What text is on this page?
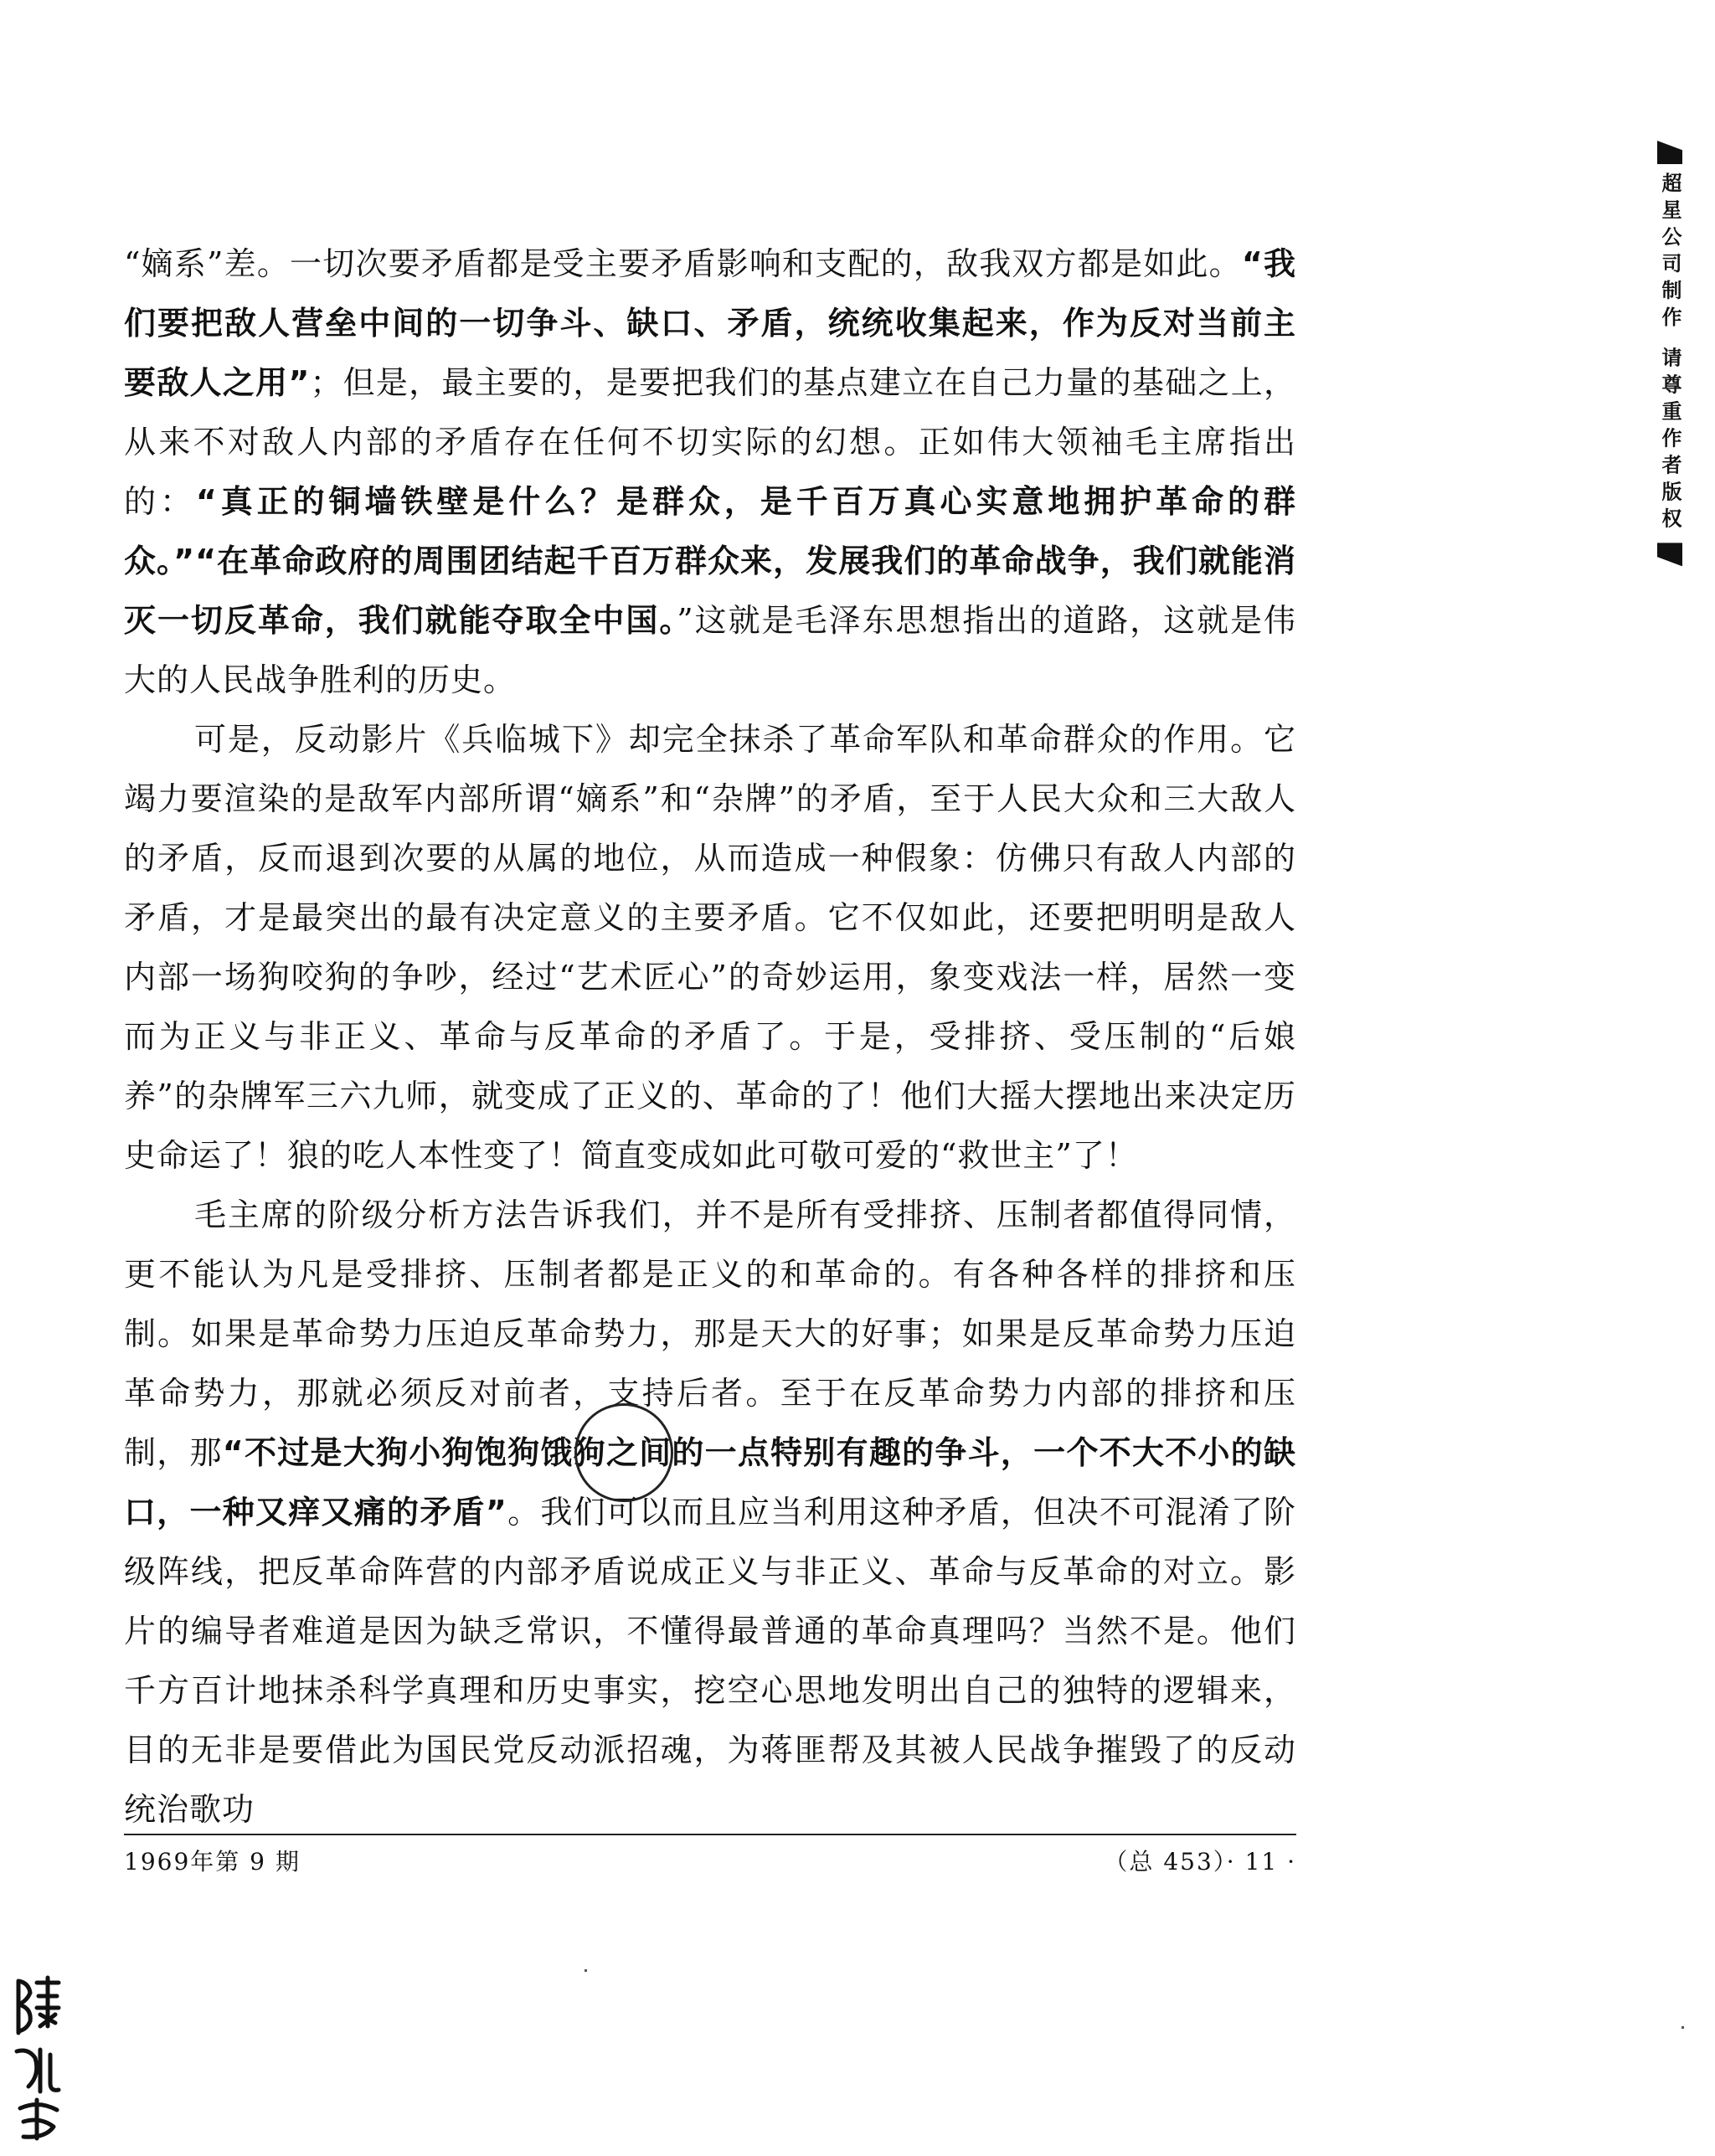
“嫡系”差。一切次要矛盾都是受主要矛盾影响和支配的，敌我双方都是如此。“我们要把敌人营垒中间的一切争斗、缺口、矛盾，统统收集起来，作为反对当前主要敌人之用”；但是，最主要的，是要把我们的基点建立在自己力量的基础之上，从来不对敌人内部的矛盾存在任何不切实际的幻想。正如伟大领袖毛主席指出的：“真正的铜墙铁壁是什么？是群众，是千百万真心实意地拥护革命的群众。”“在革命政府的周围团结起千百万群众来，发展我们的革命战争，我们就能消灭一切反革命，我们就能夺取全中国。”这就是毛泽东思想指出的道路，这就是伟大的人民战争胜利的历史。

可是，反动影片《兵临城下》却完全抹杀了革命军队和革命群众的作用。它竭力要渲染的是敌军内部所谓“嫡系”和“杂牌”的矛盾，至于人民大众和三大敌人的矛盾，反而退到次要的从属的地位，从而造成一种假象：仿佛只有敌人内部的矛盾，才是最突出的最有决定意义的主要矛盾。它不仅如此，还要把明明是敌人内部一场狗咬狗的争吵，经过“艺术匠心”的奇妙运用，象变戏法一样，居然一变而为正义与非正义、革命与反革命的矛盾了。于是，受排挤、受压制的“后娘养”的杂牌军三六九师，就变成了正义的、革命的了！他们大摇大摆地出来决定历史命运了！狼的吃人本性变了！简直变成如此可敬可爱的“救世主”了！

毛主席的阶级分析方法告诉我们，并不是所有受排挤、压制者都值得同情，更不能认为凡是受排挤、压制者都是正义的和革命的。有各种各样的排挤和压制。如果是革命势力压迫反革命势力，那是天大的好事；如果是反革命势力压迫革命势力，那就必须反对前者，支持后者。至于在反革命势力内部的排挤和压制，那“不过是大狗小狗饱狗饿狗之间的一点特别有趣的争斗，一个不大不小的缺口，一种又痒又痛的矛盾”。我们可以而且应当利用这种矛盾，但决不可混淆了阶级阵线，把反革命阵营的内部矛盾说成正义与非正义、革命与反革命的对立。影片的编导者难道是因为缺乏常识，不懂得最普通的革命真理吗？当然不是。他们千方百计地抹杀科学真理和历史事实，挖空心思地发明出自己的独特的逻辑来，目的无非是要借此为国民党反动派招魂，为蒋匪帮及其被人民战争摧毁了的反动统治歌功

1969年第 9 期	（总 453）· 11 ·
超星公司制作 请尊重作者版权
